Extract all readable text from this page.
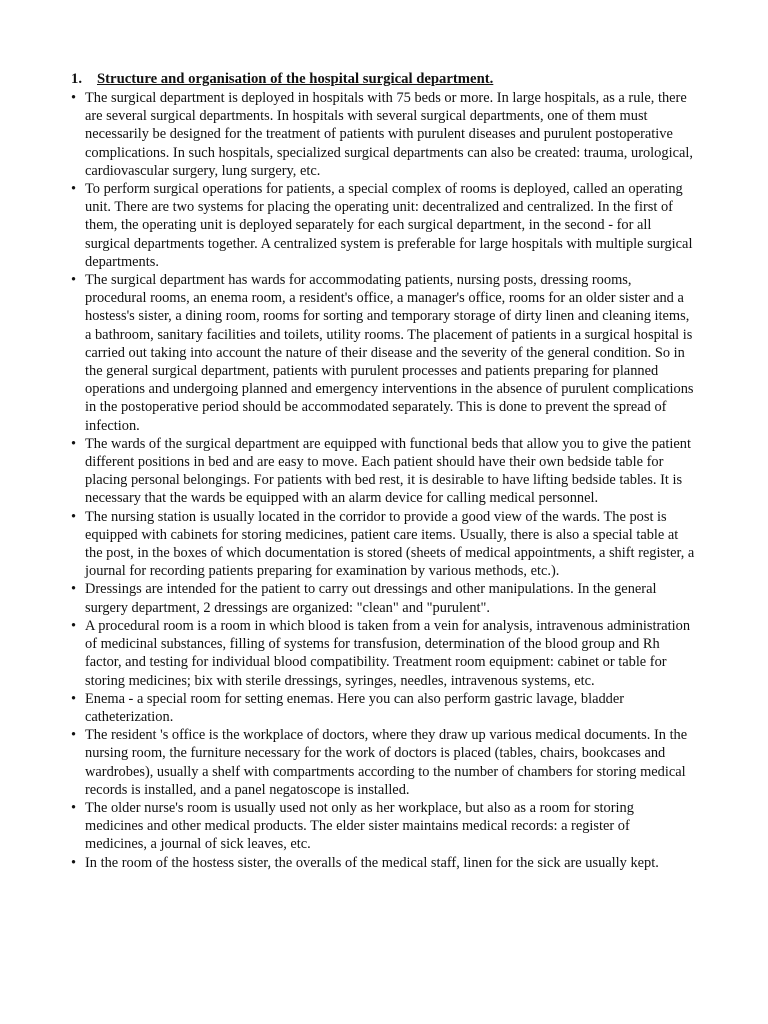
1. Structure and organisation of the hospital surgical department.
• The surgical department is deployed in hospitals with 75 beds or more. In large hospitals, as a rule, there are several surgical departments. In hospitals with several surgical departments, one of them must necessarily be designed for the treatment of patients with purulent diseases and purulent postoperative complications. In such hospitals, specialized surgical departments can also be created: trauma, urological, cardiovascular surgery, lung surgery, etc.
• To perform surgical operations for patients, a special complex of rooms is deployed, called an operating unit. There are two systems for placing the operating unit: decentralized and centralized. In the first of them, the operating unit is deployed separately for each surgical department, in the second - for all surgical departments together. A centralized system is preferable for large hospitals with multiple surgical departments.
• The surgical department has wards for accommodating patients, nursing posts, dressing rooms, procedural rooms, an enema room, a resident's office, a manager's office, rooms for an older sister and a hostess's sister, a dining room, rooms for sorting and temporary storage of dirty linen and cleaning items, a bathroom, sanitary facilities and toilets, utility rooms. The placement of patients in a surgical hospital is carried out taking into account the nature of their disease and the severity of the general condition. So in the general surgical department, patients with purulent processes and patients preparing for planned operations and undergoing planned and emergency interventions in the absence of purulent complications in the postoperative period should be accommodated separately. This is done to prevent the spread of infection.
• The wards of the surgical department are equipped with functional beds that allow you to give the patient different positions in bed and are easy to move. Each patient should have their own bedside table for placing personal belongings. For patients with bed rest, it is desirable to have lifting bedside tables. It is necessary that the wards be equipped with an alarm device for calling medical personnel.
• The nursing station is usually located in the corridor to provide a good view of the wards. The post is equipped with cabinets for storing medicines, patient care items. Usually, there is also a special table at the post, in the boxes of which documentation is stored (sheets of medical appointments, a shift register, a journal for recording patients preparing for examination by various methods, etc.).
• Dressings are intended for the patient to carry out dressings and other manipulations. In the general surgery department, 2 dressings are organized: "clean" and "purulent".
• A procedural room is a room in which blood is taken from a vein for analysis, intravenous administration of medicinal substances, filling of systems for transfusion, determination of the blood group and Rh factor, and testing for individual blood compatibility. Treatment room equipment: cabinet or table for storing medicines; bix with sterile dressings, syringes, needles, intravenous systems, etc.
• Enema - a special room for setting enemas. Here you can also perform gastric lavage, bladder catheterization.
• The resident 's office is the workplace of doctors, where they draw up various medical documents. In the nursing room, the furniture necessary for the work of doctors is placed (tables, chairs, bookcases and wardrobes), usually a shelf with compartments according to the number of chambers for storing medical records is installed, and a panel negatoscope is installed.
• The older nurse's room is usually used not only as her workplace, but also as a room for storing medicines and other medical products. The elder sister maintains medical records: a register of medicines, a journal of sick leaves, etc.
• In the room of the hostess sister, the overalls of the medical staff, linen for the sick are usually kept.
